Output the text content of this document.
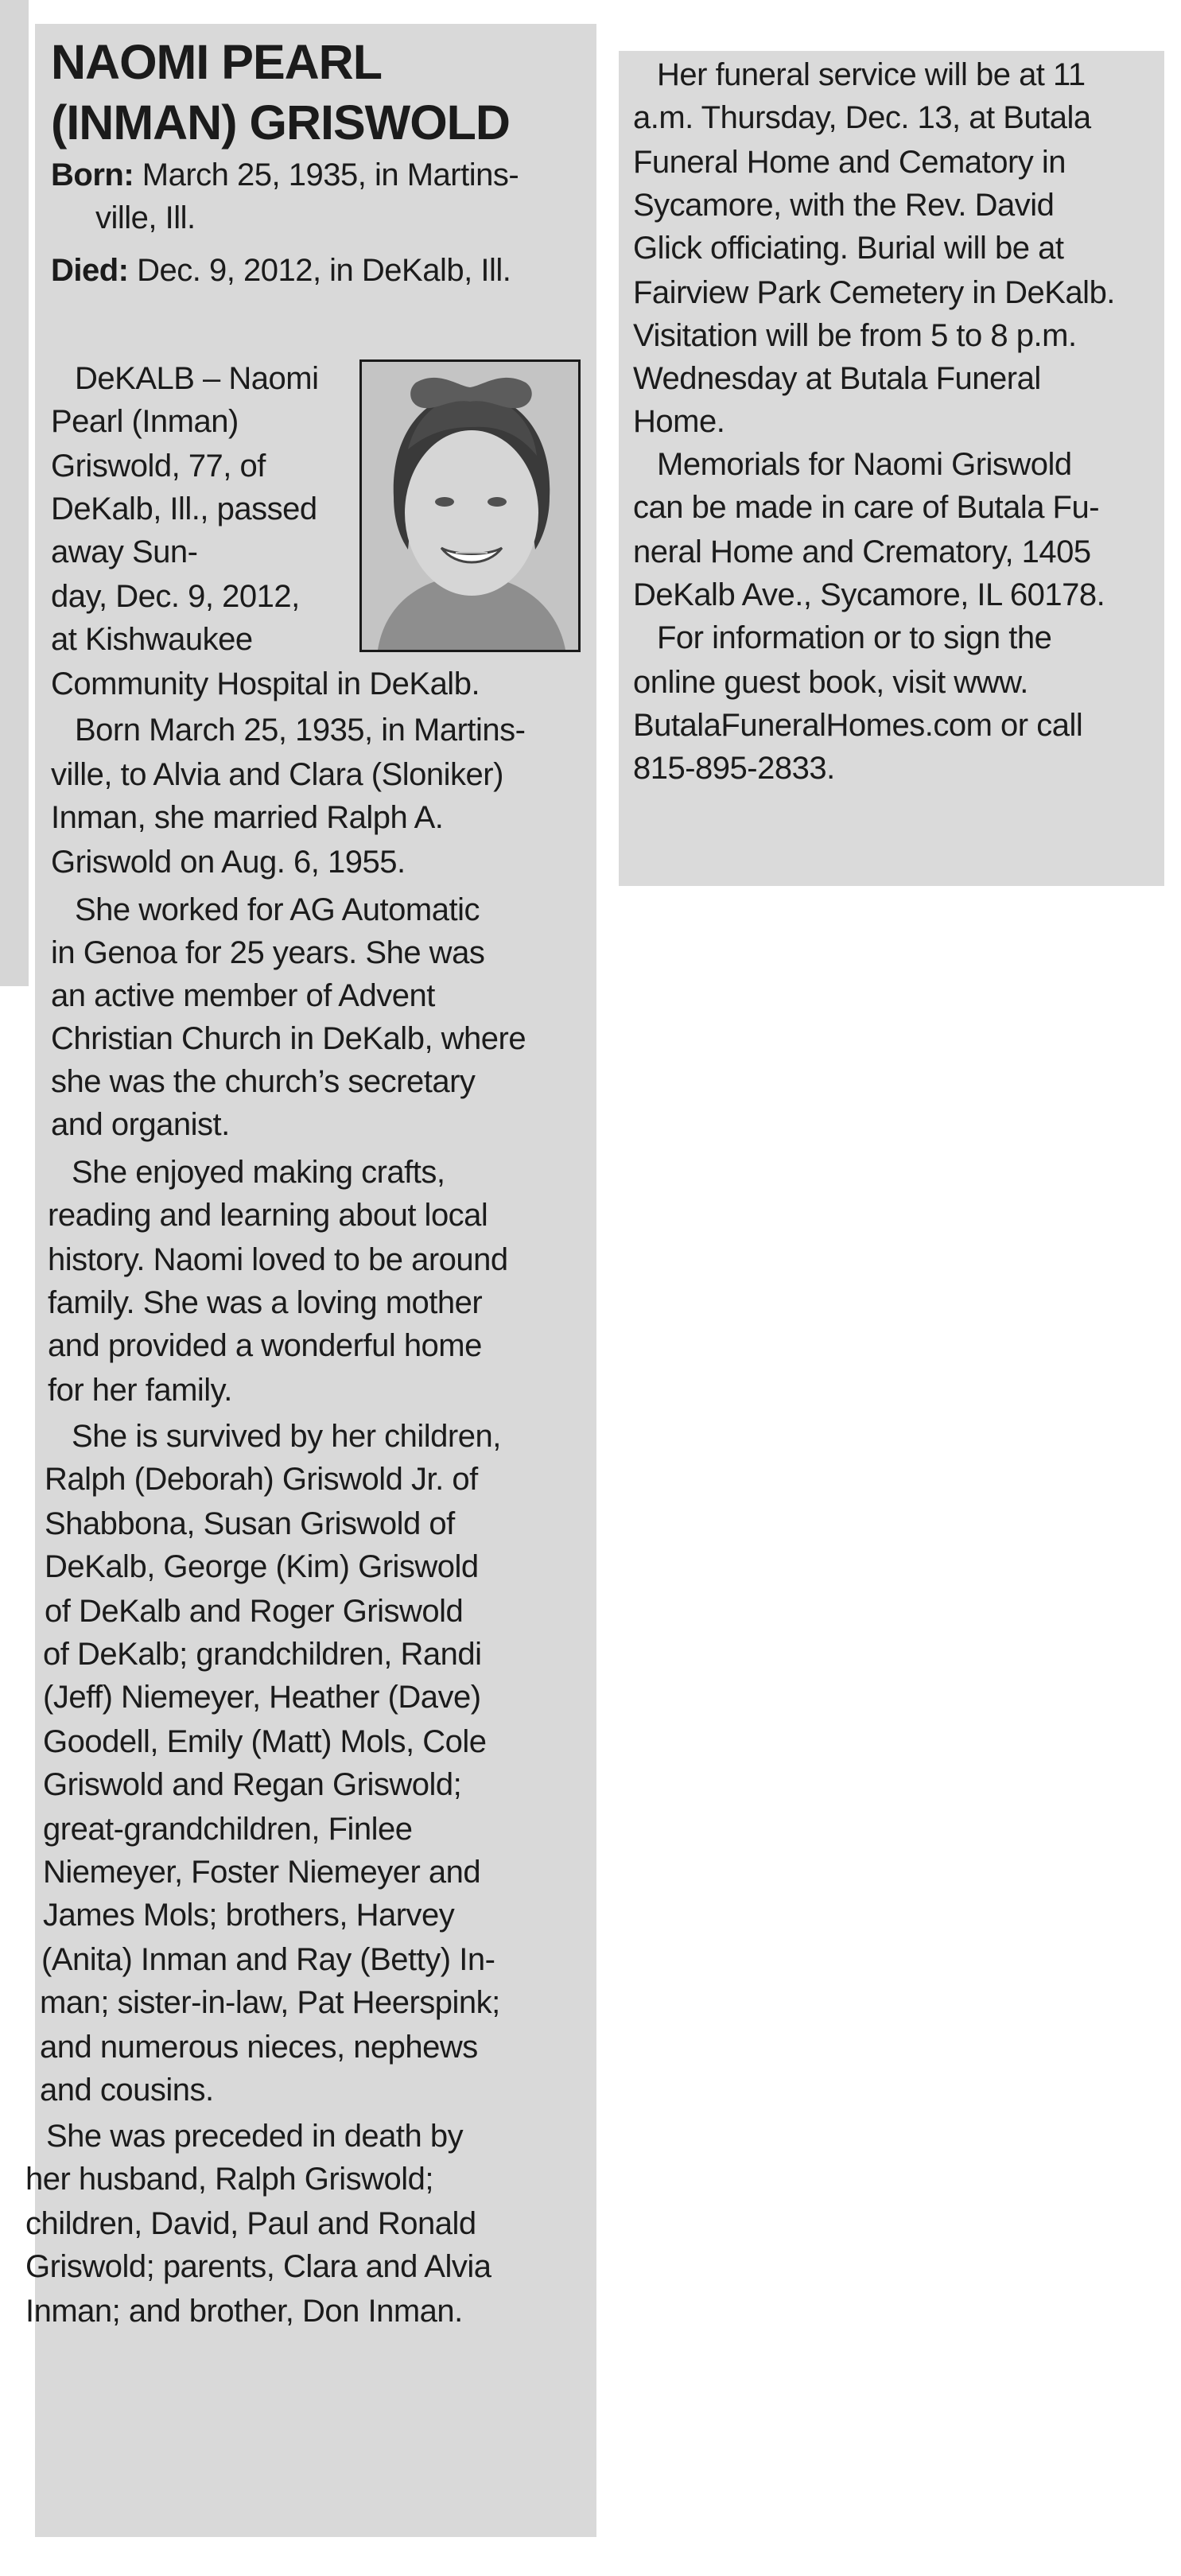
NAOMI PEARL
(INMAN) GRISWOLD
Born: March 25, 1935, in Martins-
ville, Ill.
Died: Dec. 9, 2012, in DeKalb, Ill.
DeKALB – Naomi
Pearl (Inman)
Griswold, 77, of
DeKalb, Ill., passed
away Sun-
day, Dec. 9, 2012,
at Kishwaukee
Community Hospital in DeKalb.
Born March 25, 1935, in Martins-
ville, to Alvia and Clara (Sloniker)
Inman, she married Ralph A.
Griswold on Aug. 6, 1955.
She worked for AG Automatic
in Genoa for 25 years. She was
an active member of Advent
Christian Church in DeKalb, where
she was the church’s secretary
and organist.
She enjoyed making crafts,
reading and learning about local
history. Naomi loved to be around
family. She was a loving mother
and provided a wonderful home
for her family.
She is survived by her children,
Ralph (Deborah) Griswold Jr. of
Shabbona, Susan Griswold of
DeKalb, George (Kim) Griswold
of DeKalb and Roger Griswold
of DeKalb; grandchildren, Randi
(Jeff) Niemeyer, Heather (Dave)
Goodell, Emily (Matt) Mols, Cole
Griswold and Regan Griswold;
great-grandchildren, Finlee
Niemeyer, Foster Niemeyer and
James Mols; brothers, Harvey
(Anita) Inman and Ray (Betty) In-
man; sister-in-law, Pat Heerspink;
and numerous nieces, nephews
and cousins.
She was preceded in death by
her husband, Ralph Griswold;
children, David, Paul and Ronald
Griswold; parents, Clara and Alvia
Inman; and brother, Don Inman.
Her funeral service will be at 11
a.m. Thursday, Dec. 13, at Butala
Funeral Home and Cematory in
Sycamore, with the Rev. David
Glick officiating. Burial will be at
Fairview Park Cemetery in DeKalb.
Visitation will be from 5 to 8 p.m.
Wednesday at Butala Funeral
Home.
Memorials for Naomi Griswold
can be made in care of Butala Fu-
neral Home and Crematory, 1405
DeKalb Ave., Sycamore, IL 60178.
For information or to sign the
online guest book, visit www.
ButalaFuneralHomes.com or call
815-895-2833.
